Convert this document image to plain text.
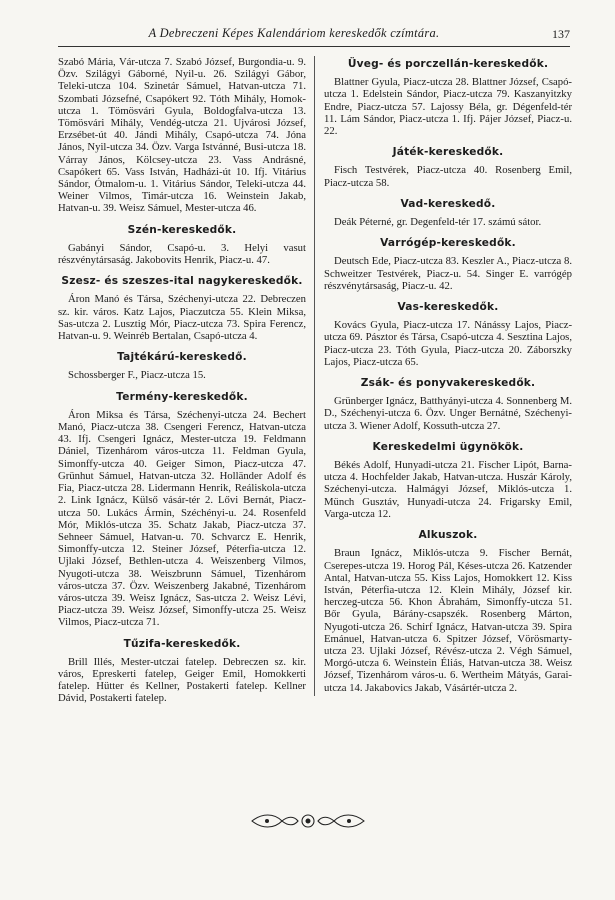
A Debreczeni Képes Kalendáriom kereskedők czímtára.	137

Szabó Mária, Vár-utcza 7. Szabó József, Burgondia-u. 9. Özv. Szilágyi Gáborné, Nyil-u. 26. Szilágyi Gábor, Teleki-utcza 104. Szinetár Sámuel, Hatvan-utcza 71. Szombati Józsefné, Csapókert 92. Tóth Mihály, Homok-utcza 1. Tömösvári Gyula, Boldogfalva-utcza 13. Tömösvári Mihály, Vendég-utcza 21. Ujvárosi József, Erzsébet-út 40. Jándi Mihály, Csapó-utcza 74. Jóna János, Nyil-utcza 34. Özv. Varga Istvánné, Busi-utcza 18. Várray János, Kölcsey-utcza 23. Vass Andrásné, Csapókert 65. Vass István, Hadházi-út 10. Ifj. Vitárius Sándor, Ótmalom-u. 1. Vitárius Sándor, Teleki-utcza 44. Weiner Vilmos, Timár-utcza 16. Weinstein Jakab, Hatvan-u. 39. Weisz Sámuel, Mester-utcza 46.

Szén-kereskedők.

Gabányi Sándor, Csapó-u. 3. Helyi vasut részvénytársaság. Jakobovits Henrik, Piacz-u. 47.

Szesz- és szeszes-ital nagykereskedők.

Áron Manó és Társa, Széchenyi-utcza 22. Debreczen sz. kir. város. Katz Lajos, Piaczutcza 55. Klein Miksa, Sas-utcza 2. Lusztig Mór, Piacz-utcza 73. Spira Ferencz, Hatvan-u. 9. Weinréb Bertalan, Csapó-utcza 4.

Tajtékárú-kereskedő.

Schossberger F., Piacz-utcza 15.

Termény-kereskedők.

Áron Miksa és Társa, Széchenyi-utcza 24. Bechert Manó, Piacz-utcza 38. Csengeri Ferencz, Hatvan-utcza 43. Ifj. Csengeri Ignácz, Mester-utcza 19. Feldmann Dániel, Tizenhárom város-utcza 11. Feldman Gyula, Simonffy-utcza 40. Geiger Simon, Piacz-utcza 47. Grünhut Sámuel, Hatvan-utcza 32. Holländer Adolf és Fia, Piacz-utcza 28. Lidermann Henrik, Reáliskola-utcza 2. Link Ignácz, Külső vásár-tér 2. Lővi Bernát, Piacz-utcza 50. Lukács Ármin, Széchényi-u. 24. Rosenfeld Mór, Miklós-utcza 35. Schatz Jakab, Piacz-utcza 37. Sehneer Sámuel, Hatvan-u. 70. Schvarcz E. Henrik, Simonffy-utcza 12. Steiner József, Péterfia-utcza 12. Ujlaki József, Bethlen-utcza 4. Weiszenberg Vilmos, Nyugoti-utcza 38. Weiszbrunn Sámuel, Tizenhárom város-utcza 37. Özv. Weiszenberg Jakabné, Tizenhárom város-utcza 39. Weisz Ignácz, Sas-utcza 2. Weisz Lévi, Piacz-utcza 39. Weisz József, Simonffy-utcza 25. Weisz Vilmos, Piacz-utcza 71.

Tűzifa-kereskedők.

Brill Illés, Mester-utczai fatelep. Debreczen sz. kir. város, Epreskerti fatelep, Geiger Emil, Homokkerti fatelep. Hütter és Kellner, Postakerti fatelep. Kellner Dávid, Postakerti fatelep.

Üveg- és porczellán-kereskedők.

Blattner Gyula, Piacz-utcza 28. Blattner József, Csapó-utcza 1. Edelstein Sándor, Piacz-utcza 79. Kaszanyitzky Endre, Piacz-utcza 57. Lajossy Béla, gr. Dégenfeld-tér 11. Lám Sándor, Piacz-utcza 1. Ifj. Pájer József, Piacz-u. 22.

Játék-kereskedők.

Fisch Testvérek, Piacz-utcza 40. Rosenberg Emil, Piacz-utcza 58.

Vad-kereskedő.

Deák Péterné, gr. Degenfeld-tér 17. számú sátor.

Varrógép-kereskedők.

Deutsch Ede, Piacz-utcza 83. Keszler A., Piacz-utcza 8. Schweitzer Testvérek, Piacz-u. 54. Singer E. varrógép részvénytársaság, Piacz-u. 42.

Vas-kereskedők.

Kovács Gyula, Piacz-utcza 17. Nánássy Lajos, Piacz-utcza 69. Pásztor és Társa, Csapó-utcza 4. Sesztina Lajos, Piacz-utcza 23. Tóth Gyula, Piacz-utcza 20. Záborszky Lajos, Piacz-utcza 65.

Zsák- és ponyvakereskedők.

Grünberger Ignácz, Batthyányi-utcza 4. Sonnenberg M. D., Széchenyi-utcza 6. Özv. Unger Bernátné, Széchenyi-utcza 3. Wiener Adolf, Kossuth-utcza 27.

Kereskedelmi ügynökök.

Békés Adolf, Hunyadi-utcza 21. Fischer Lipót, Barna-utcza 4. Hochfelder Jakab, Hatvan-utcza. Huszár Károly, Széchenyi-utcza. Halmágyi József, Miklós-utcza 1. Münch Gusztáv, Hunyadi-utcza 24. Frigarsky Emil, Varga-utcza 12.

Alkuszok.

Braun Ignácz, Miklós-utcza 9. Fischer Bernát, Cserepes-utcza 19. Horog Pál, Késes-utcza 26. Katzender Antal, Hatvan-utcza 55. Kiss Lajos, Homokkert 12. Kiss István, Péterfia-utcza 12. Klein Mihály, József kir. herczeg-utcza 56. Khon Ábrahám, Simonffy-utcza 51. Bőr Gyula, Bárány-csapszék. Rosenberg Márton, Nyugoti-utcza 26. Schirf Ignácz, Hatvan-utcza 39. Spira Emánuel, Hatvan-utcza 6. Spitzer József, Vörösmarty-utcza 23. Ujlaki József, Révész-utcza 2. Végh Sámuel, Morgó-utcza 6. Weinstein Éliás, Hatvan-utcza 38. Weisz József, Tizenhárom város-u. 6. Wertheim Mátyás, Garai-utcza 14. Jakabovics Jakab, Vásártér-utcza 2.
